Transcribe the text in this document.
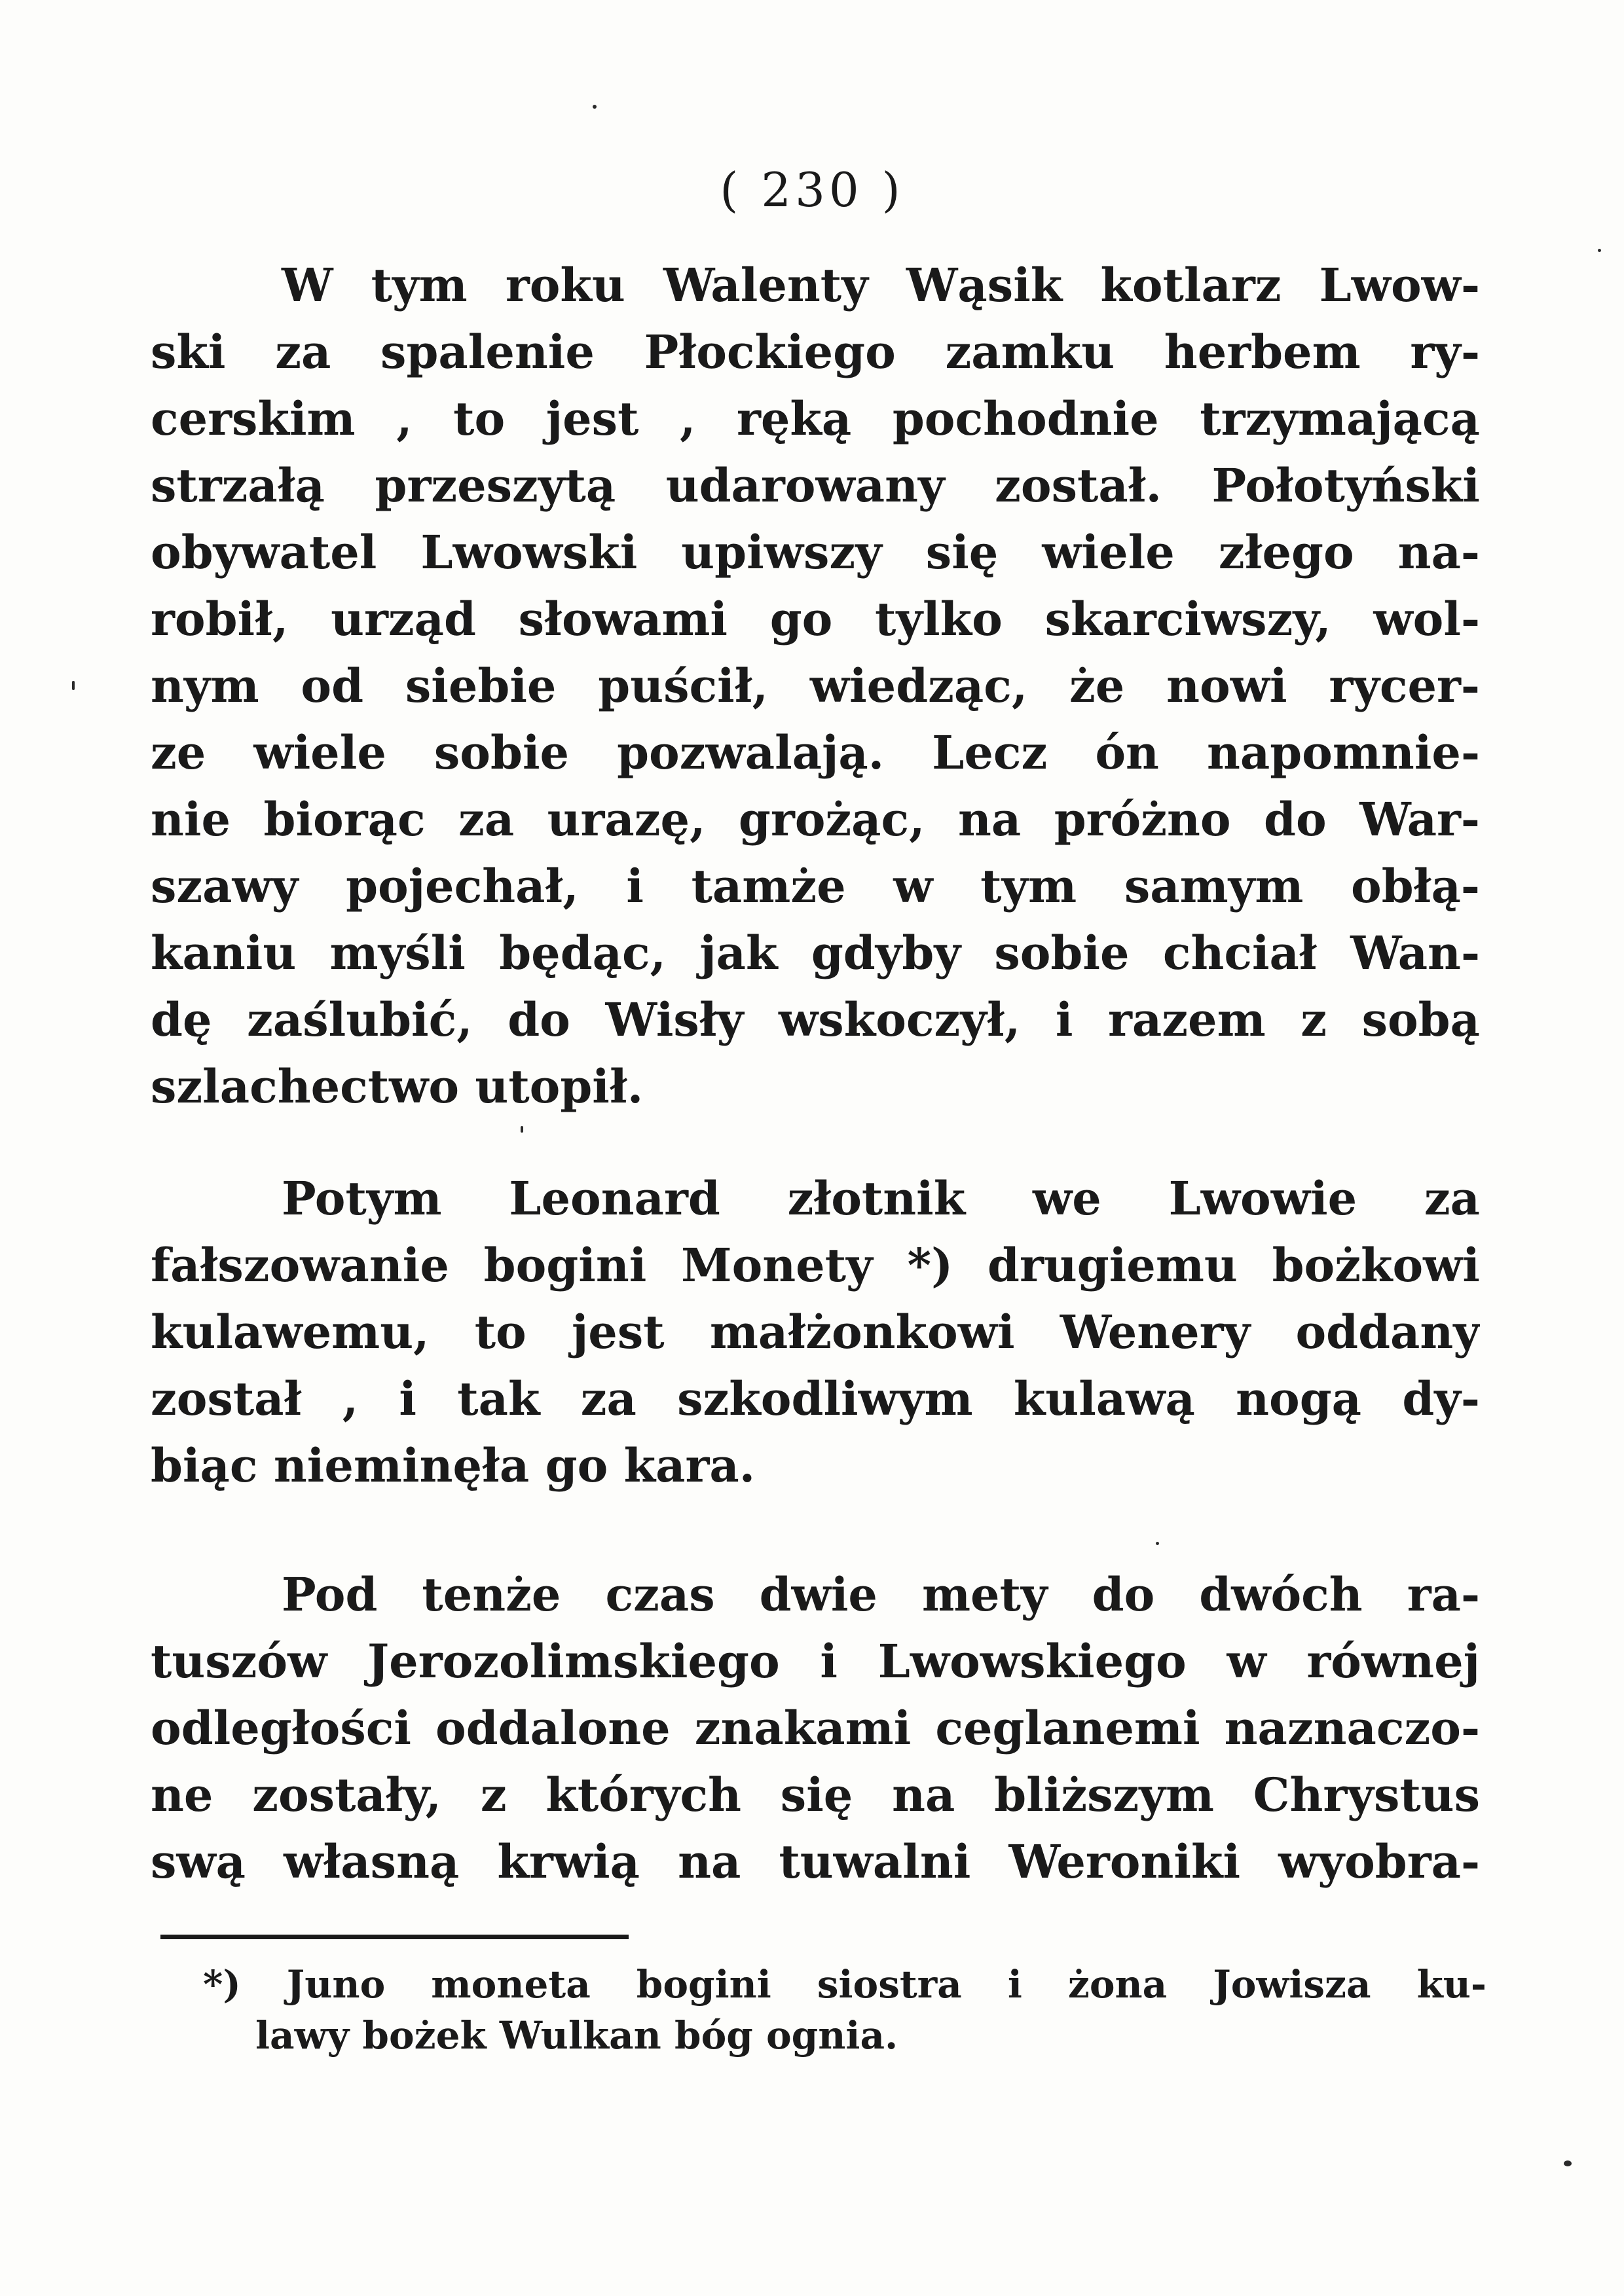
( 230 )
W tym roku Walenty Wąsik kotlarz Lwow-
ski za spalenie Płockiego zamku herbem ry-
cerskim , to jest , ręką pochodnie trzymającą
strzałą przeszytą udarowany został. Połotyński
obywatel Lwowski upiwszy się wiele złego na-
robił, urząd słowami go tylko skarciwszy, wol-
nym od siebie puścił, wiedząc, że nowi rycer-
ze wiele sobie pozwalają. Lecz ón napomnie-
nie biorąc za urazę, grożąc, na próżno do War-
szawy pojechał, i tamże w tym samym obłą-
kaniu myśli będąc, jak gdyby sobie chciał Wan-
dę zaślubić, do Wisły wskoczył, i razem z sobą
szlachectwo utopił.
Potym Leonard złotnik we Lwowie za
fałszowanie bogini Monety *) drugiemu bożkowi
kulawemu, to jest małżonkowi Wenery oddany
został , i tak za szkodliwym kulawą nogą dy-
biąc nieminęła go kara.
Pod tenże czas dwie mety do dwóch ra-
tuszów Jerozolimskiego i Lwowskiego w równej
odległości oddalone znakami ceglanemi naznaczo-
ne zostały, z których się na bliższym Chrystus
swą własną krwią na tuwalni Weroniki wyobra-
*) Juno moneta bogini siostra i żona Jowisza ku-
lawy bożek Wulkan bóg ognia.
